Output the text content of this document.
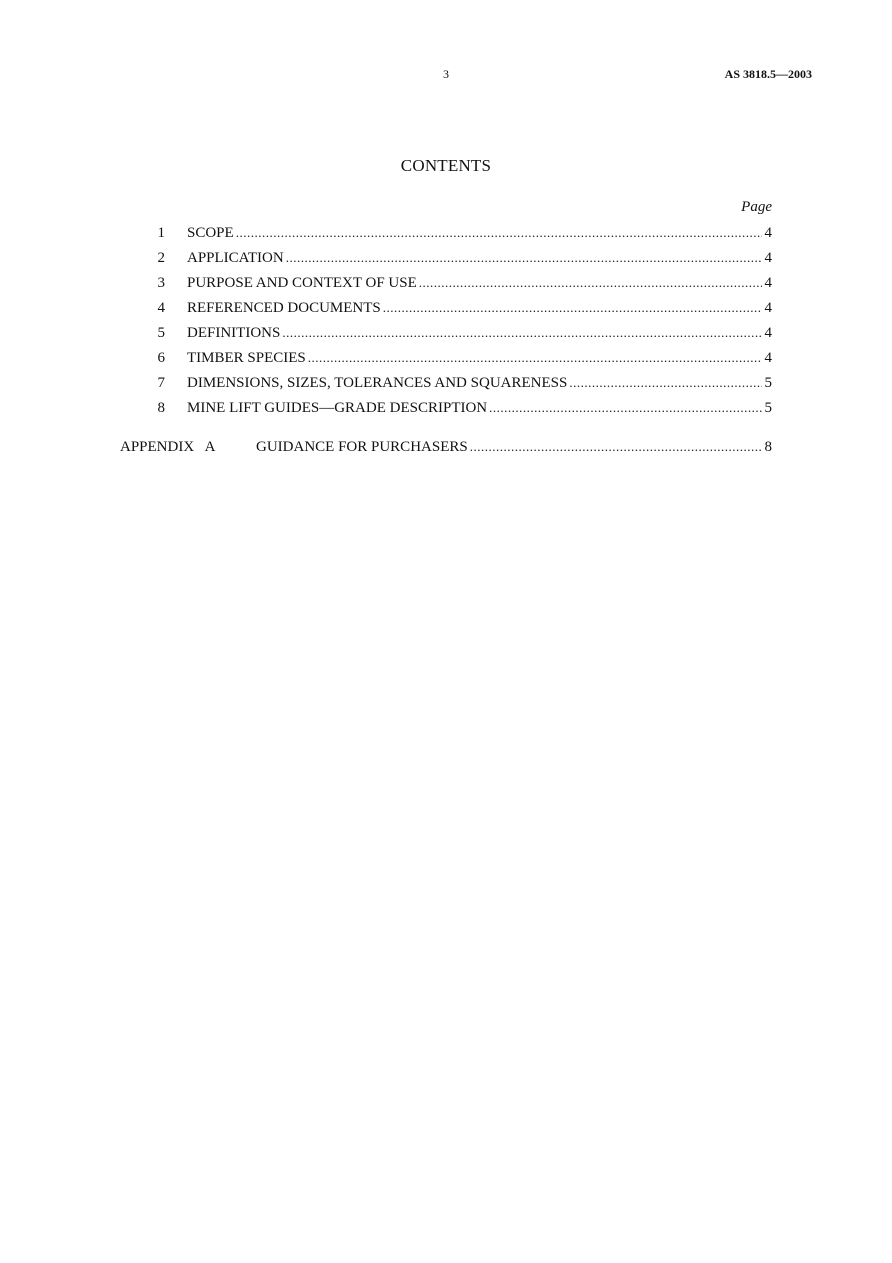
3	AS 3818.5—2003
CONTENTS
Page
1 SCOPE .....	4
2 APPLICATION .....	4
3 PURPOSE AND CONTEXT OF USE .....	4
4 REFERENCED DOCUMENTS .....	4
5 DEFINITIONS .....	4
6 TIMBER SPECIES .....	4
7 DIMENSIONS, SIZES, TOLERANCES AND SQUARENESS .....	5
8 MINE LIFT GUIDES—GRADE DESCRIPTION .....	5
APPENDIX   A	GUIDANCE FOR PURCHASERS .....	8
